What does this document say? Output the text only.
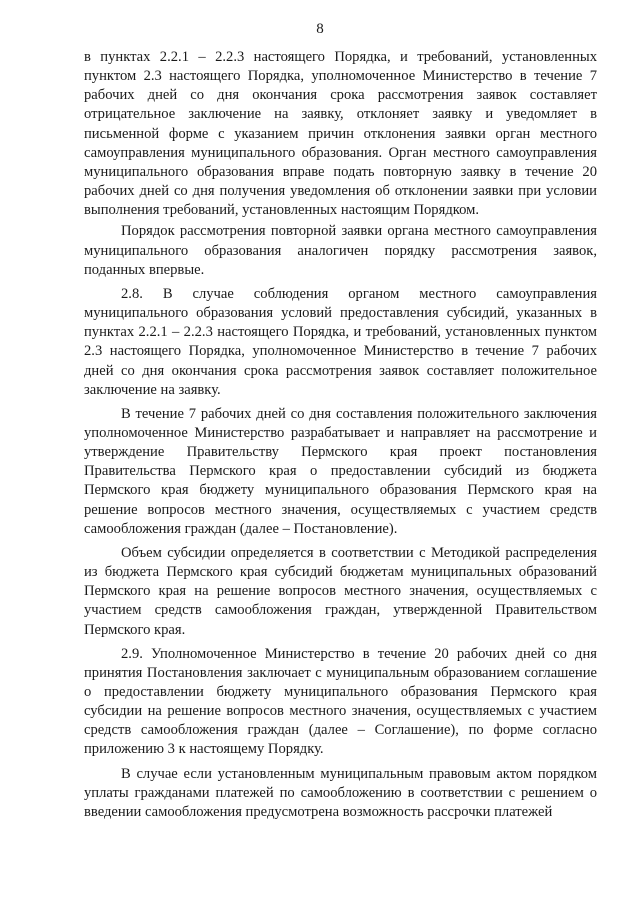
8

в пунктах 2.2.1 – 2.2.3 настоящего Порядка, и требований, установленных пунктом 2.3 настоящего Порядка, уполномоченное Министерство в течение 7 рабочих дней со дня окончания срока рассмотрения заявок составляет отрицательное заключение на заявку, отклоняет заявку и уведомляет в письменной форме с указанием причин отклонения заявки орган местного самоуправления муниципального образования. Орган местного самоуправления муниципального образования вправе подать повторную заявку в течение 20 рабочих дней со дня получения уведомления об отклонении заявки при условии выполнения требований, установленных настоящим Порядком.

Порядок рассмотрения повторной заявки органа местного самоуправления муниципального образования аналогичен порядку рассмотрения заявок, поданных впервые.

2.8. В случае соблюдения органом местного самоуправления муниципального образования условий предоставления субсидий, указанных в пунктах 2.2.1 – 2.2.3 настоящего Порядка, и требований, установленных пунктом 2.3 настоящего Порядка, уполномоченное Министерство в течение 7 рабочих дней со дня окончания срока рассмотрения заявок составляет положительное заключение на заявку.

В течение 7 рабочих дней со дня составления положительного заключения уполномоченное Министерство разрабатывает и направляет на рассмотрение и утверждение Правительству Пермского края проект постановления Правительства Пермского края о предоставлении субсидий из бюджета Пермского края бюджету муниципального образования Пермского края на решение вопросов местного значения, осуществляемых с участием средств самообложения граждан (далее – Постановление).

Объем субсидии определяется в соответствии с Методикой распределения из бюджета Пермского края субсидий бюджетам муниципальных образований Пермского края на решение вопросов местного значения, осуществляемых с участием средств самообложения граждан, утвержденной Правительством Пермского края.

2.9. Уполномоченное Министерство в течение 20 рабочих дней со дня принятия Постановления заключает с муниципальным образованием соглашение о предоставлении бюджету муниципального образования Пермского края субсидии на решение вопросов местного значения, осуществляемых с участием средств самообложения граждан (далее – Соглашение), по форме согласно приложению 3 к настоящему Порядку.

В случае если установленным муниципальным правовым актом порядком уплаты гражданами платежей по самообложению в соответствии с решением о введении самообложения предусмотрена возможность рассрочки платежей
